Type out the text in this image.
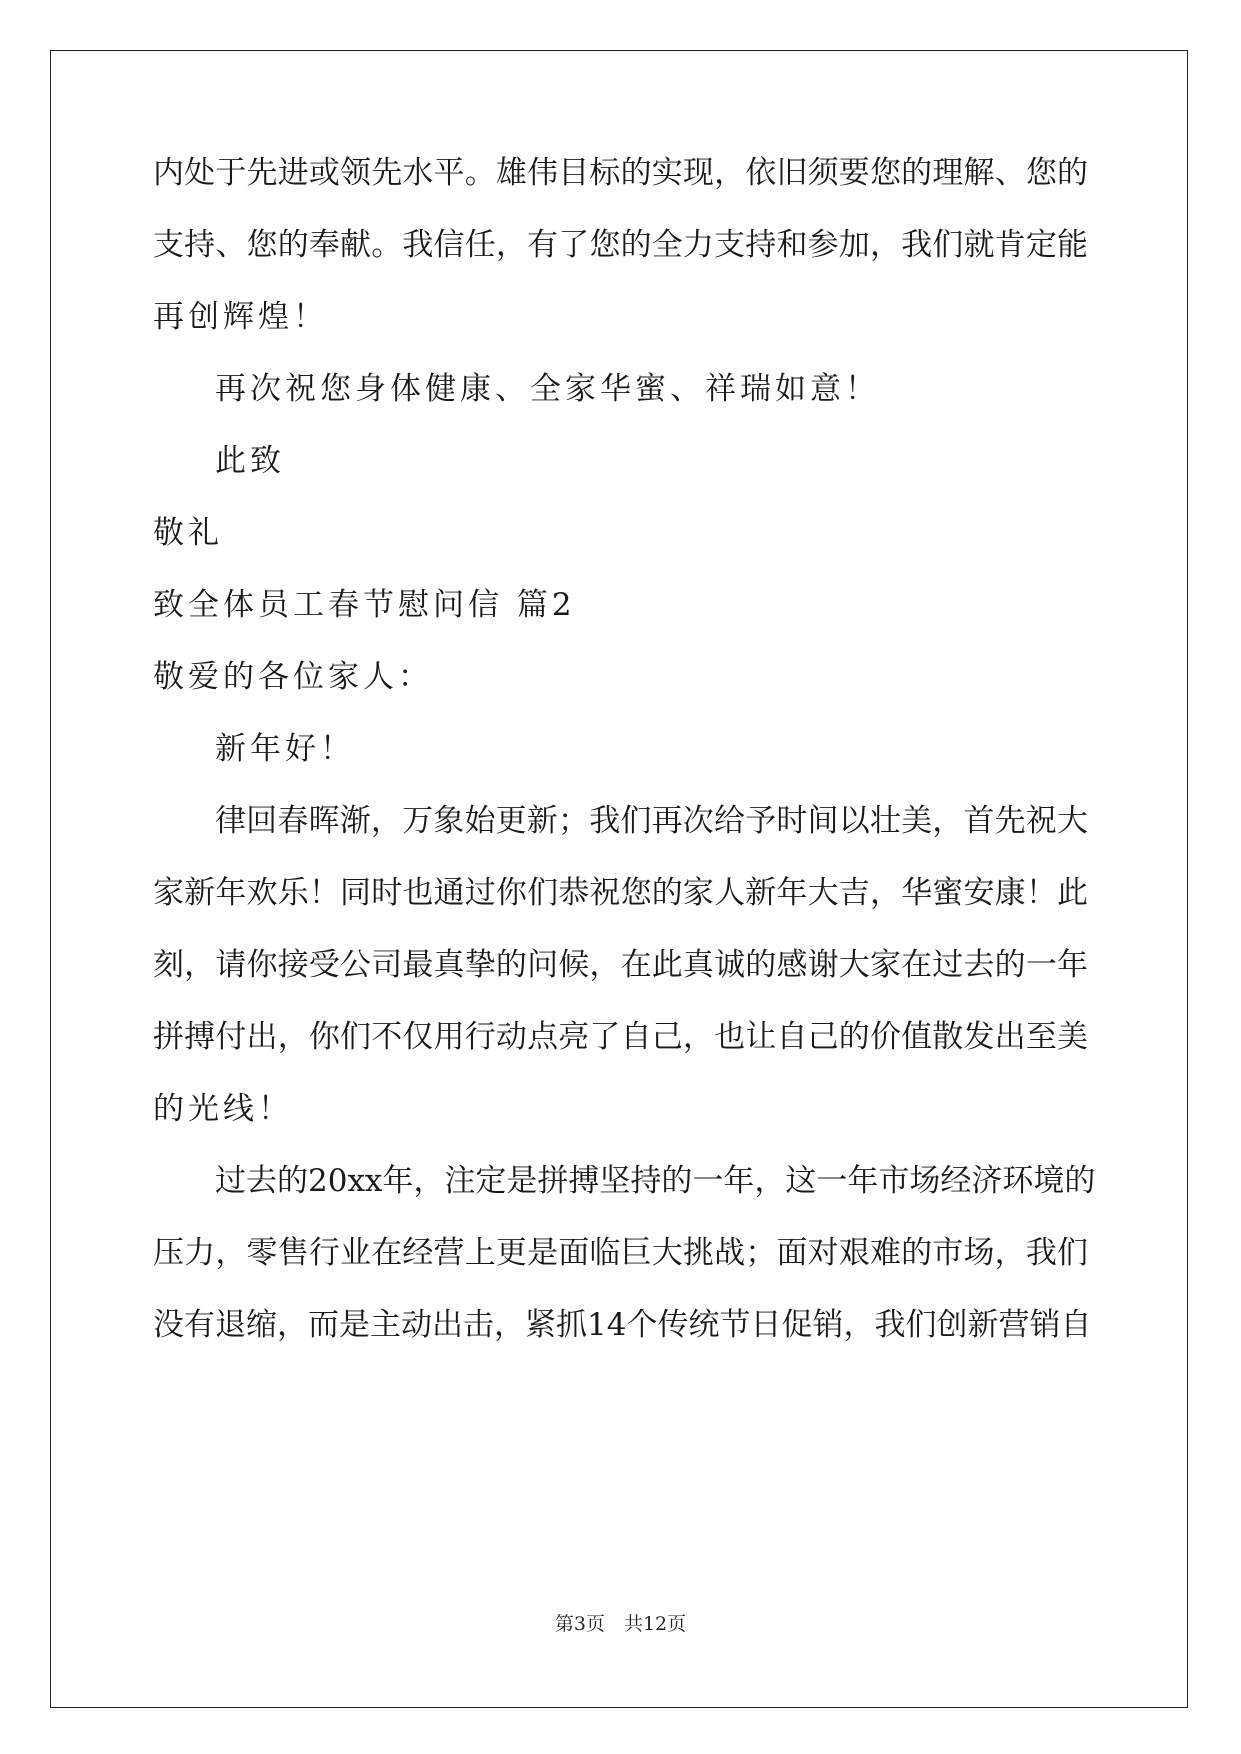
内处于先进或领先水平。雄伟目标的实现，依旧须要您的理解、您的
支持、您的奉献。我信任，有了您的全力支持和参加，我们就肯定能
再创辉煌！
再次祝您身体健康、全家华蜜、祥瑞如意！
此致
敬礼
致全体员工春节慰问信 篇2
敬爱的各位家人：
新年好！
律回春晖渐，万象始更新；我们再次给予时间以壮美，首先祝大
家新年欢乐！同时也通过你们恭祝您的家人新年大吉，华蜜安康！此
刻，请你接受公司最真挚的问候，在此真诚的感谢大家在过去的一年
拼搏付出，你们不仅用行动点亮了自己，也让自己的价值散发出至美
的光线！
过去的20xx年，注定是拼搏坚持的一年，这一年市场经济环境的
压力，零售行业在经营上更是面临巨大挑战；面对艰难的市场，我们
没有退缩，而是主动出击，紧抓14个传统节日促销，我们创新营销自
第3页　共12页
